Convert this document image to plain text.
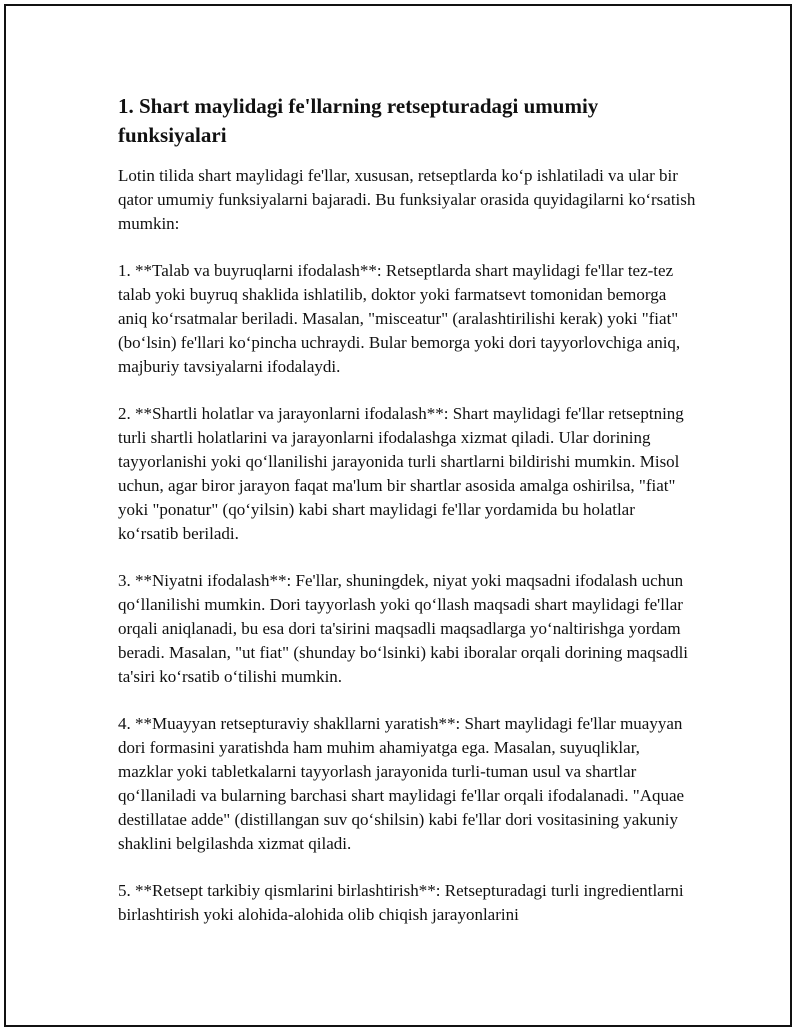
1. Shart maylidagi fe'llarning retsepturadagi umumiy funksiyalari

Lotin tilida shart maylidagi fe'llar, xususan, retseptlarda ko‘p ishlatiladi va ular bir qator umumiy funksiyalarni bajaradi. Bu funksiyalar orasida quyidagilarni ko‘rsatish mumkin:

1. **Talab va buyruqlarni ifodalash**: Retseptlarda shart maylidagi fe'llar tez-tez talab yoki buyruq shaklida ishlatilib, doktor yoki farmatsevt tomonidan bemorga aniq ko‘rsatmalar beriladi. Masalan, "misceatur" (aralashtirilishi kerak) yoki "fiat" (bo‘lsin) fe'llari ko‘pincha uchraydi. Bular bemorga yoki dori tayyorlovchiga aniq, majburiy tavsiyalarni ifodalaydi.

2. **Shartli holatlar va jarayonlarni ifodalash**: Shart maylidagi fe'llar retseptning turli shartli holatlarini va jarayonlarni ifodalashga xizmat qiladi. Ular dorining tayyorlanishi yoki qo‘llanilishi jarayonida turli shartlarni bildirishi mumkin. Misol uchun, agar biror jarayon faqat ma'lum bir shartlar asosida amalga oshirilsa, "fiat" yoki "ponatur" (qo‘yilsin) kabi shart maylidagi fe'llar yordamida bu holatlar ko‘rsatib beriladi.

3. **Niyatni ifodalash**: Fe'llar, shuningdek, niyat yoki maqsadni ifodalash uchun qo‘llanilishi mumkin. Dori tayyorlash yoki qo‘llash maqsadi shart maylidagi fe'llar orqali aniqlanadi, bu esa dori ta'sirini maqsadli maqsadlarga yo‘naltirishga yordam beradi. Masalan, "ut fiat" (shunday bo‘lsinki) kabi iboralar orqali dorining maqsadli ta'siri ko‘rsatib o‘tilishi mumkin.

4. **Muayyan retsepturaviy shakllarni yaratish**: Shart maylidagi fe'llar muayyan dori formasini yaratishda ham muhim ahamiyatga ega. Masalan, suyuqliklar, mazklar yoki tabletkalarni tayyorlash jarayonida turli-tuman usul va shartlar qo‘llaniladi va bularning barchasi shart maylidagi fe'llar orqali ifodalanadi. "Aquae destillatae adde" (distillangan suv qo‘shilsin) kabi fe'llar dori vositasining yakuniy shaklini belgilashda xizmat qiladi.

5. **Retsept tarkibiy qismlarini birlashtirish**: Retsepturadagi turli ingredientlarni birlashtirish yoki alohida-alohida olib chiqish jarayonlarini
